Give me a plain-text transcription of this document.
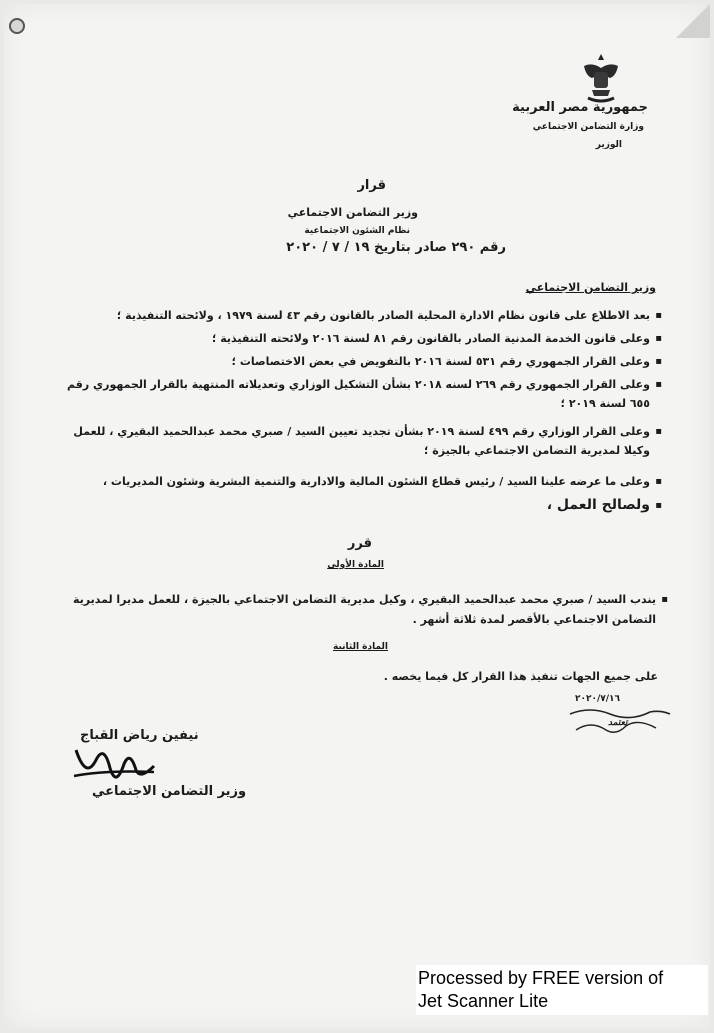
جمهورية مصر العربية
وزارة التضامن الاجتماعي
الوزير
قرار
وزير التضامن الاجتماعي
نظام الشئون الاجتماعية
رقم ٢٩٠ صادر بتاريخ ١٩ / ٧ / ٢٠٢٠
وزير التضامن الاجتماعي
▪ بعد الاطلاع على قانون نظام الادارة المحلية الصادر بالقانون رقم ٤٣ لسنة ١٩٧٩ ، ولائحته التنفيذية ؛
▪ وعلى قانون الخدمة المدنية الصادر بالقانون رقم ٨١ لسنة ٢٠١٦ ولائحته التنفيذية ؛
▪ وعلى القرار الجمهوري رقم ٥٣١ لسنة ٢٠١٦ بالتفويض في بعض الاختصاصات ؛
▪ وعلى القرار الجمهوري رقم ٢٦٩ لسنه ٢٠١٨ بشأن التشكيل الوزاري وتعديلاته المنتهية بالقرار الجمهوري رقم ٦٥٥ لسنة ٢٠١٩ ؛
▪ وعلى القرار الوزاري رقم ٤٩٩ لسنة ٢٠١٩ بشأن تجديد تعيين السيد / صبري محمد عبدالحميد البقيري ، للعمل وكيلا لمديرية التضامن الاجتماعي بالجيزة ؛
▪ وعلى ما عرضه علينا السيد / رئيس قطاع الشئون المالية والادارية والتنمية البشرية وشئون المديريات ،
▪ ولصالح العمل ،
قرر
المادة الأولى
▪ يندب السيد / صبري محمد عبدالحميد البقيري ، وكيل مديرية التضامن الاجتماعي بالجيزة ، للعمل مديرا لمديرية التضامن الاجتماعي بالأقصر لمدة ثلاثة أشهر .
المادة الثانية
على جميع الجهات تنفيذ هذا القرار كل فيما يخصه .
٢٠٢٠/٧/١٦
تعتمد
نيفين رياض القباج
وزير التضامن الاجتماعي
Processed by FREE version of
Jet Scanner Lite
